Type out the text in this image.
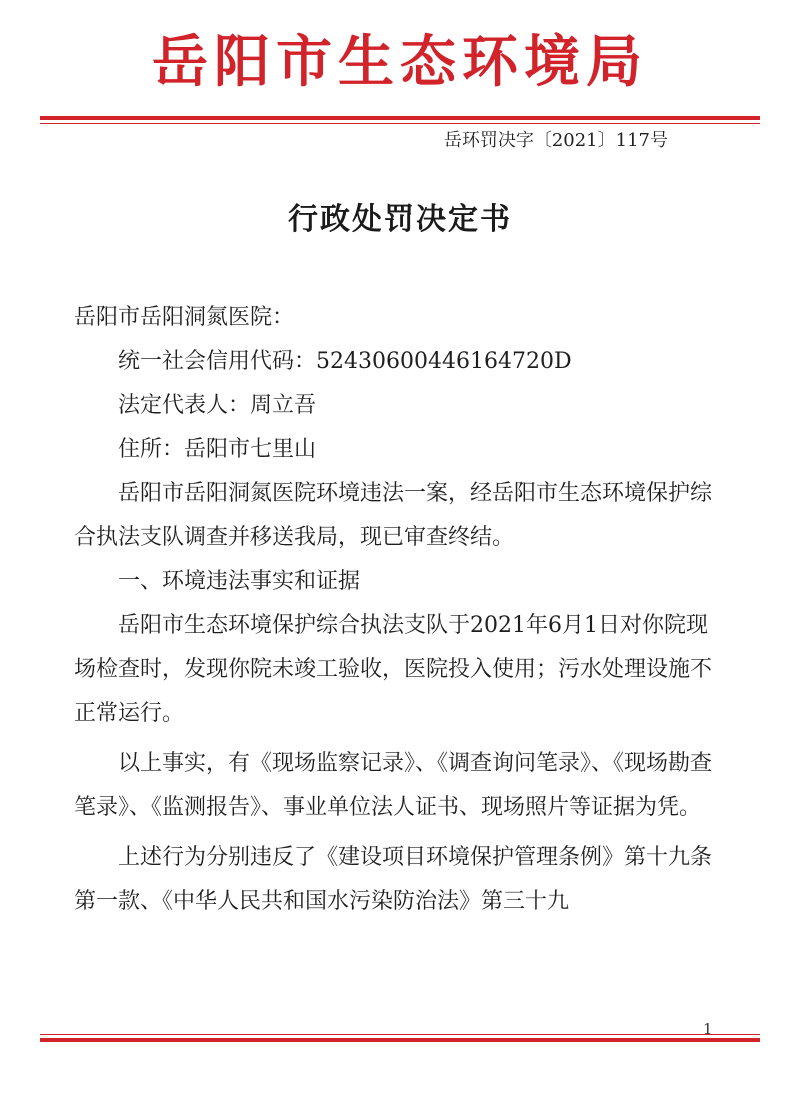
岳阳市生态环境局
岳环罚决字〔2021〕117号
行政处罚决定书

岳阳市岳阳洞氮医院：

统一社会信用代码：52430600446164720D

法定代表人：周立吾

住所：岳阳市七里山

岳阳市岳阳洞氮医院环境违法一案，经岳阳市生态环境保护综合执法支队调查并移送我局，现已审查终结。

一、环境违法事实和证据

岳阳市生态环境保护综合执法支队于2021年6月1日对你院现场检查时，发现你院未竣工验收，医院投入使用；污水处理设施不正常运行。

以上事实，有《现场监察记录》、《调查询问笔录》、《现场勘查笔录》、《监测报告》、事业单位法人证书、现场照片等证据为凭。

上述行为分别违反了《建设项目环境保护管理条例》第十九条第一款、《中华人民共和国水污染防治法》第三十九

1
